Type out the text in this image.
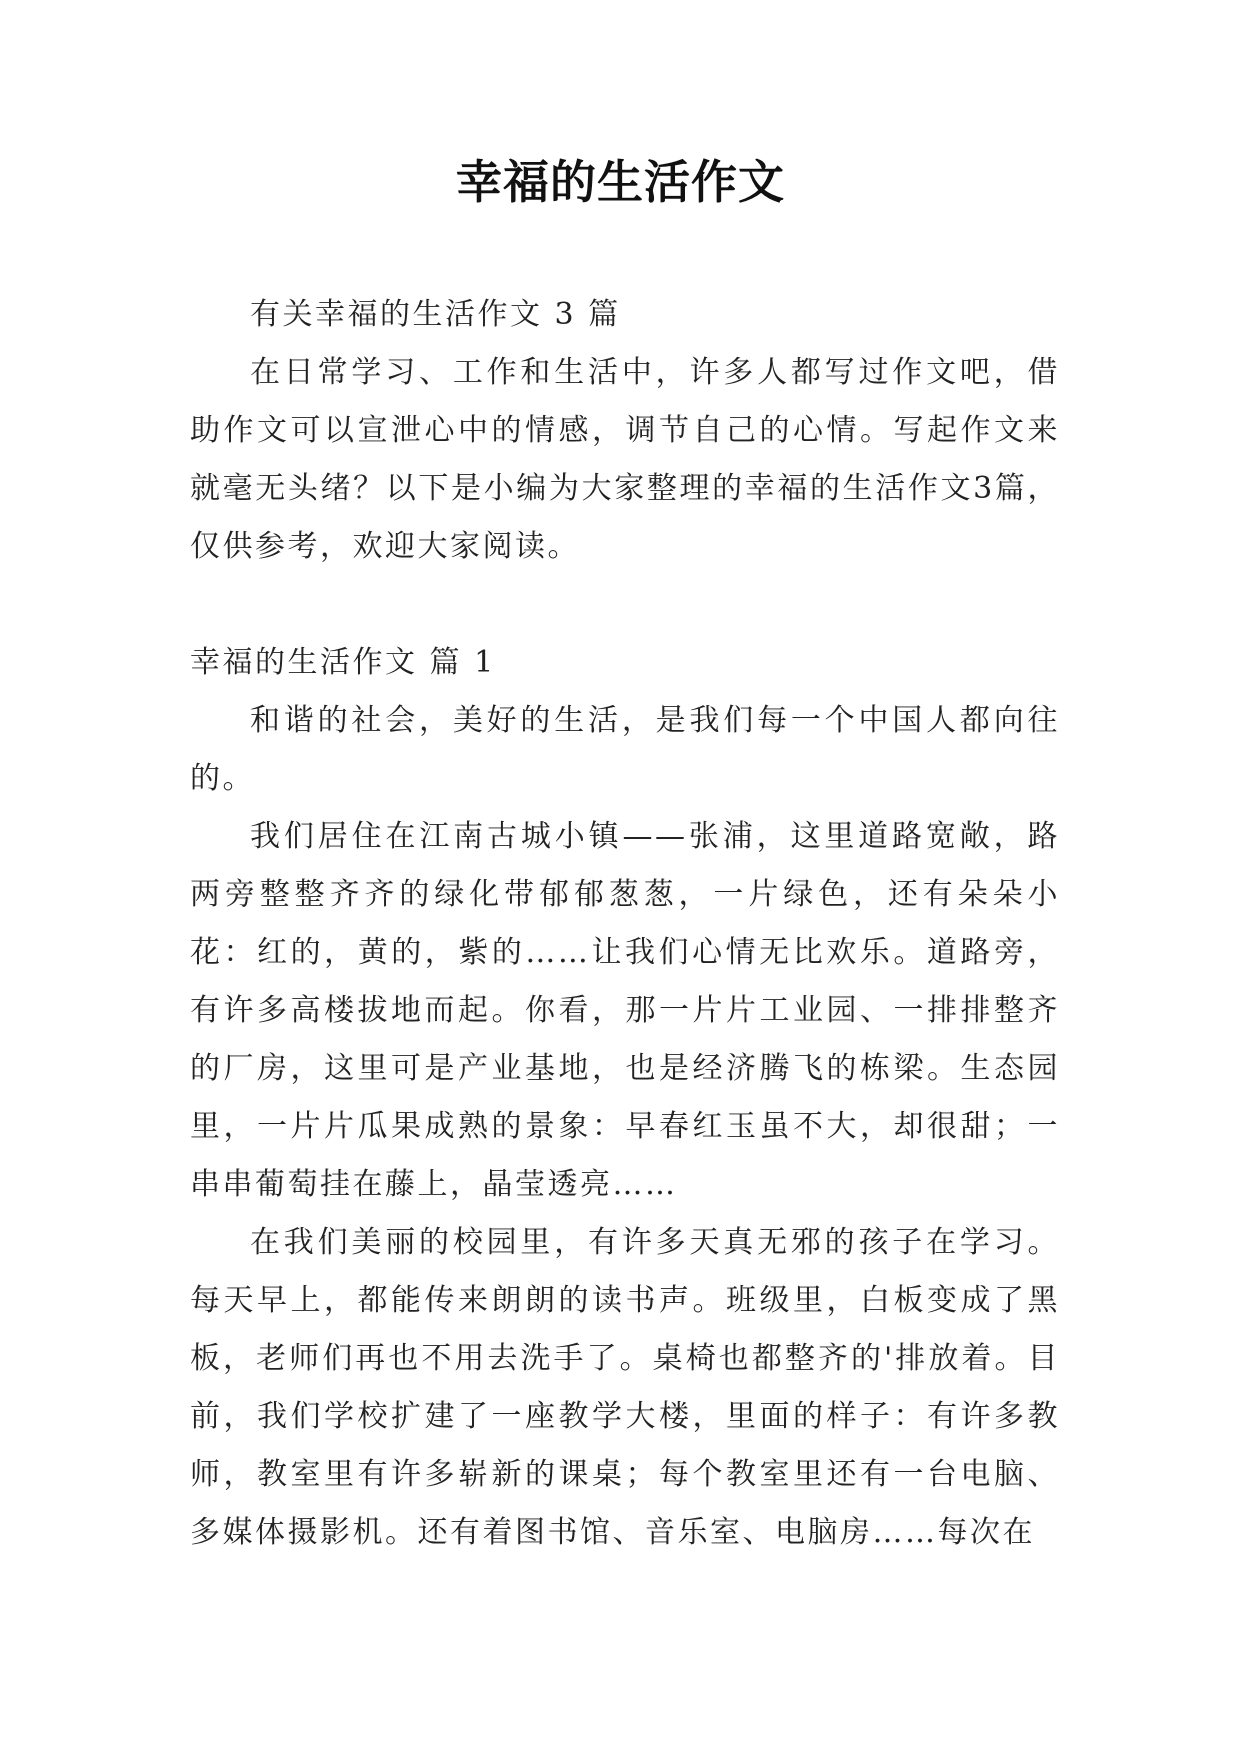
幸福的生活作文

有关幸福的生活作文 3 篇

在日常学习、工作和生活中，许多人都写过作文吧，借助作文可以宣泄心中的情感，调节自己的心情。写起作文来就毫无头绪？以下是小编为大家整理的幸福的生活作文3篇，仅供参考，欢迎大家阅读。

幸福的生活作文 篇 1

和谐的社会，美好的生活，是我们每一个中国人都向往的。

我们居住在江南古城小镇——张浦，这里道路宽敞，路两旁整整齐齐的绿化带郁郁葱葱，一片绿色，还有朵朵小花：红的，黄的，紫的……让我们心情无比欢乐。道路旁，有许多高楼拔地而起。你看，那一片片工业园、一排排整齐的厂房，这里可是产业基地，也是经济腾飞的栋梁。生态园里，一片片瓜果成熟的景象：早春红玉虽不大，却很甜；一串串葡萄挂在藤上，晶莹透亮……

在我们美丽的校园里，有许多天真无邪的孩子在学习。每天早上，都能传来朗朗的读书声。班级里，白板变成了黑板，老师们再也不用去洗手了。桌椅也都整齐的'排放着。目前，我们学校扩建了一座教学大楼，里面的样子：有许多教师，教室里有许多崭新的课桌；每个教室里还有一台电脑、多媒体摄影机。还有着图书馆、音乐室、电脑房……每次在
